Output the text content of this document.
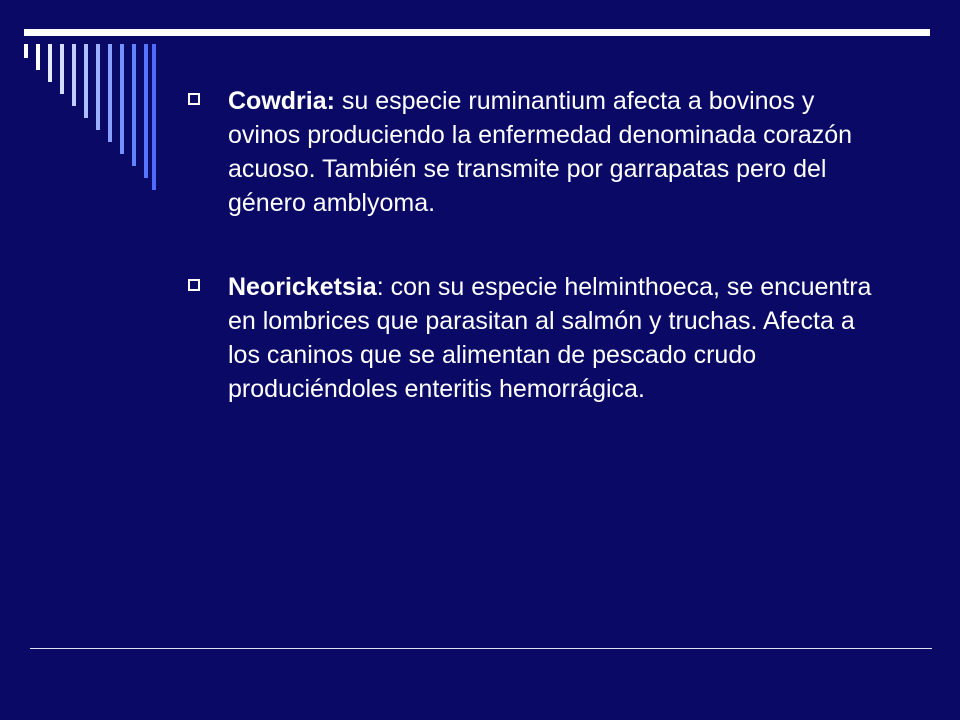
Cowdria: su especie ruminantium afecta a bovinos y ovinos produciendo la enfermedad denominada corazón acuoso. También se transmite por garrapatas pero del género amblyoma.
Neoricketsia: con su especie helminthoeca, se encuentra en lombrices que parasitan al salmón y truchas. Afecta a los caninos que se alimentan de pescado crudo produciéndoles enteritis hemorrágica.
